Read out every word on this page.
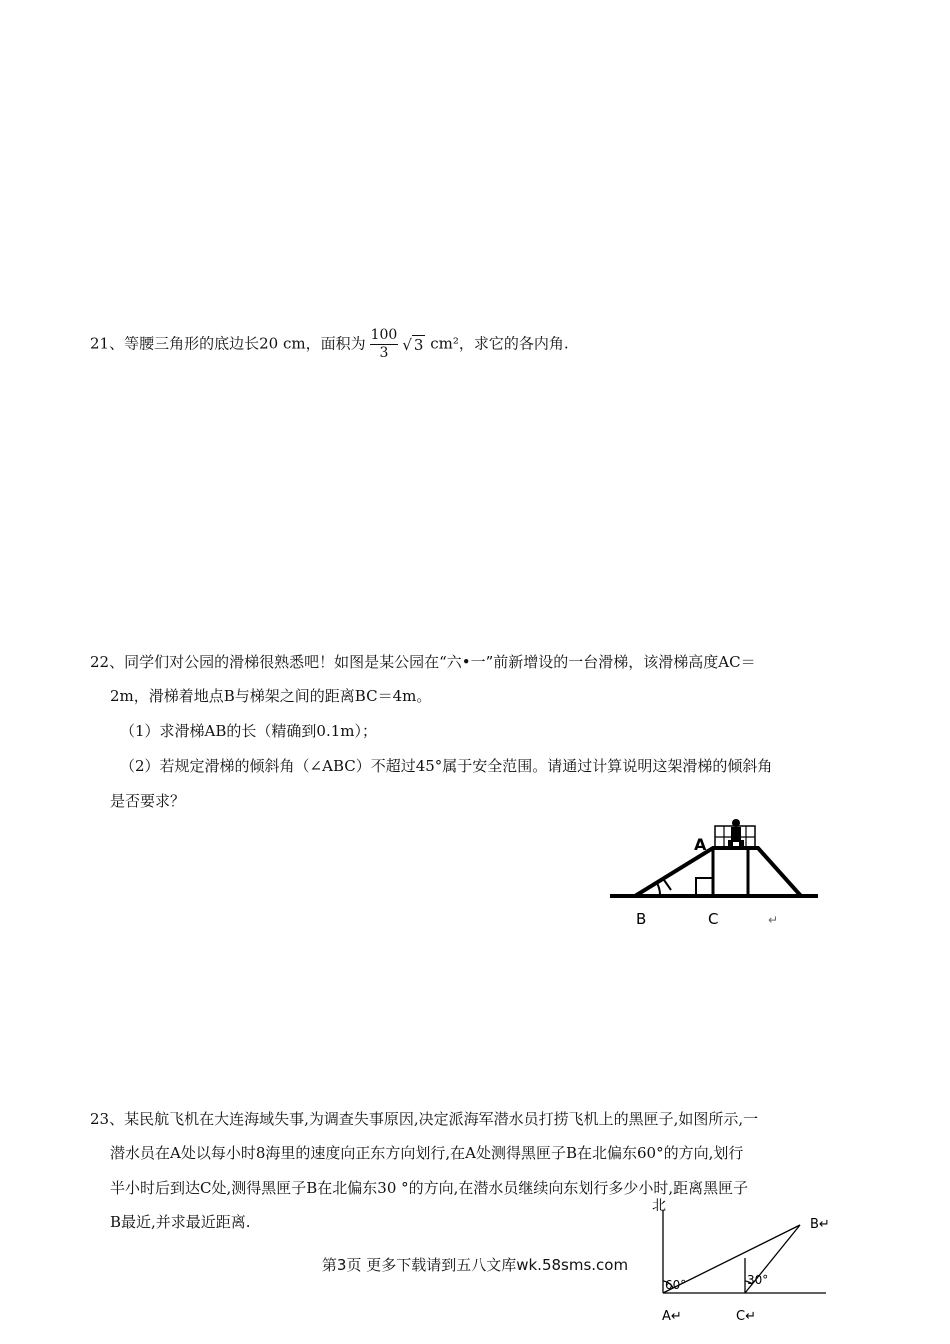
21、等腰三角形的底边长20 cm，面积为 $\frac{100}{3}$ √ 3 cm²，求它的各内角.
22、同学们对公园的滑梯很熟悉吧！如图是某公园在“六•一”前新增设的一台滑梯，该滑梯高度AC＝
2m，滑梯着地点B与梯架之间的距离BC＝4m。
（1）求滑梯AB的长（精确到0.1m）；
（2）若规定滑梯的倾斜角（∠ABC）不超过45°属于安全范围。请通过计算说明这架滑梯的倾斜角
是否要求？
A
B	C	↵
23、某民航飞机在大连海域失事,为调查失事原因,决定派海军潜水员打捞飞机上的黑匣子,如图所示,一
潜水员在A处以每小时8海里的速度向正东方向划行,在A处测得黑匣子B在北偏东60°的方向,划行
半小时后到达C处,测得黑匣子B在北偏东30 °的方向,在潜水员继续向东划行多少小时,距离黑匣子
B最近,并求最近距离.
北
B↵
60°	30°
A↵	C↵
第3页 更多下载请到五八文库wk.58sms.com
